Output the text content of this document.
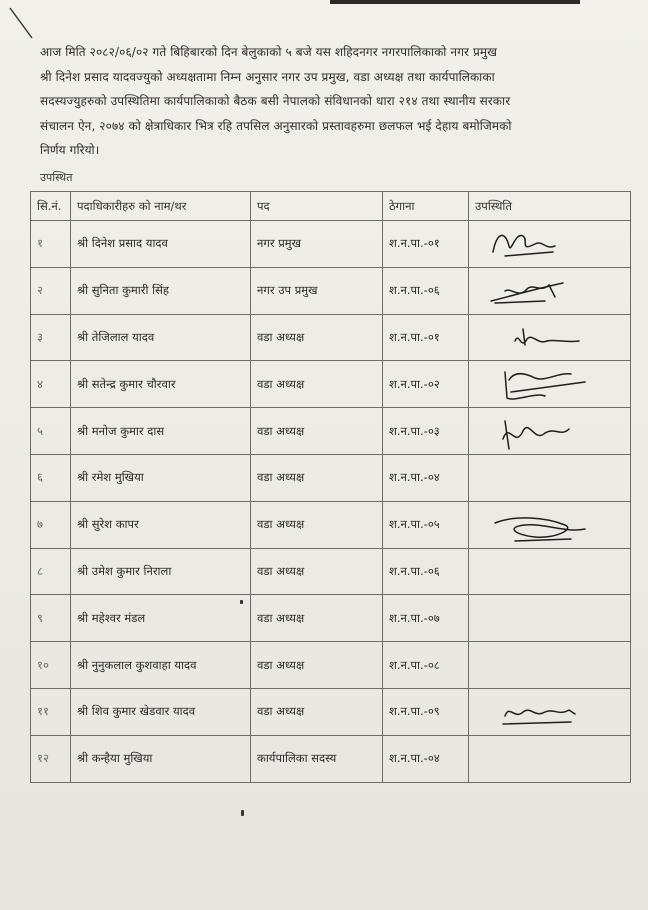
आज मिति २०८२/०६/०२ गते बिहिबारको दिन बेलुकाको ५ बजे यस शहिदनगर नगरपालिकाको नगर प्रमुख
श्री दिनेश प्रसाद यादवज्युको अध्यक्षतामा निम्न अनुसार नगर उप प्रमुख, वडा अध्यक्ष तथा कार्यपालिकाका
सदस्यज्युहरुको उपस्थितिमा कार्यपालिकाको बैठक बसी नेपालको संविधानको धारा २१४ तथा स्थानीय सरकार
संचालन ऐन, २०७४ को क्षेत्राधिकार भित्र रहि तपसिल अनुसारको प्रस्तावहरुमा छलफल भई देहाय बमोजिमको
निर्णय गरियो।
उपस्थित
सि.नं.	पदाधिकारीहरु को नाम/थर	पद	ठेगाना	उपस्थिति
१	श्री दिनेश प्रसाद यादव	नगर प्रमुख	श.न.पा.-०१	

२	श्री सुनिता कुमारी सिंह	नगर उप प्रमुख	श.न.पा.-०६	

३	श्री तेजिलाल यादव	वडा अध्यक्ष	श.न.पा.-०१	

४	श्री सतेन्द्र कुमार चौरवार	वडा अध्यक्ष	श.न.पा.-०२	

५	श्री मनोज कुमार दास	वडा अध्यक्ष	श.न.पा.-०३	

६	श्री रमेश मुखिया	वडा अध्यक्ष	श.न.पा.-०४	
७	श्री सुरेश कापर	वडा अध्यक्ष	श.न.पा.-०५	

८	श्री उमेश कुमार निराला	वडा अध्यक्ष	श.न.पा.-०६	
९	श्री महेश्वर मंडल	वडा अध्यक्ष	श.न.पा.-०७	
१०	श्री नुनुकलाल कुशवाहा यादव	वडा अध्यक्ष	श.न.पा.-०८	
११	श्री शिव कुमार खेडवार यादव	वडा अध्यक्ष	श.न.पा.-०९	

१२	श्री कन्हैया मुखिया	कार्यपालिका सदस्य	श.न.पा.-०४	
